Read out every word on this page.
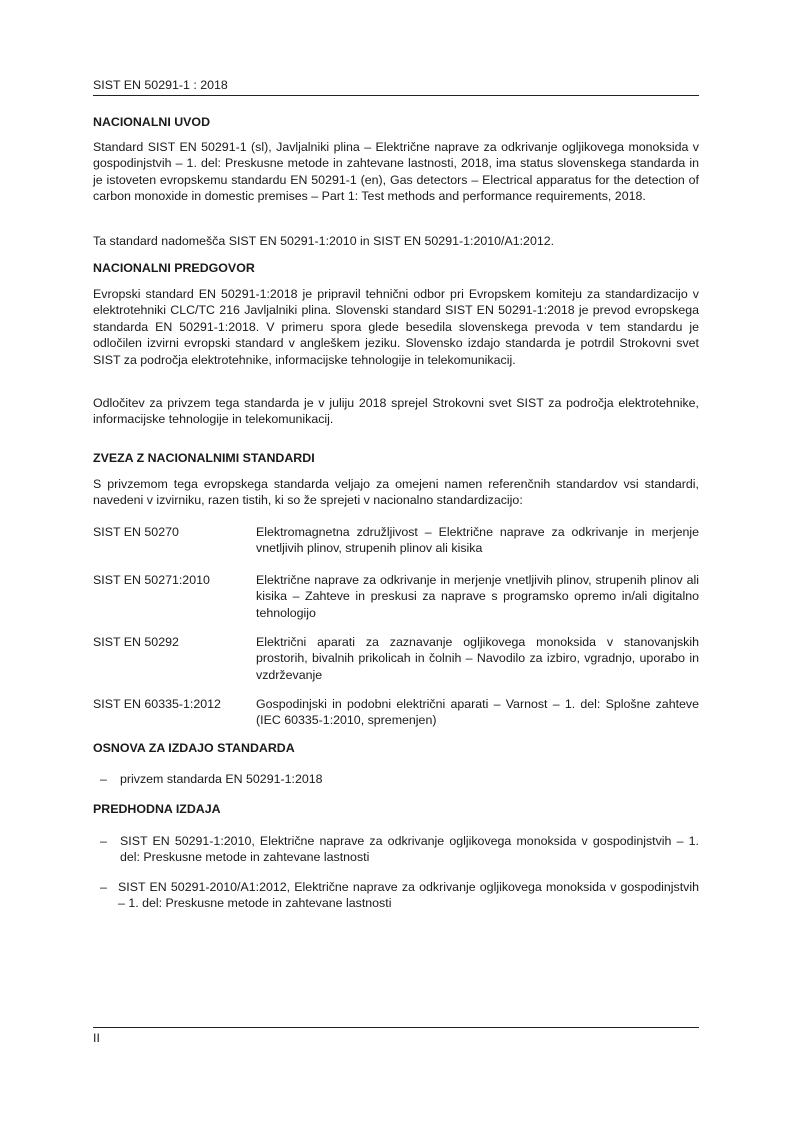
SIST EN 50291-1 : 2018
NACIONALNI UVOD

Standard SIST EN 50291-1 (sl), Javljalniki plina – Električne naprave za odkrivanje ogljikovega monoksida v gospodinjstvih – 1. del: Preskusne metode in zahtevane lastnosti, 2018, ima status slovenskega standarda in je istoveten evropskemu standardu EN 50291-1 (en), Gas detectors – Electrical apparatus for the detection of carbon monoxide in domestic premises – Part 1: Test methods and performance requirements, 2018.

Ta standard nadomešča SIST EN 50291-1:2010 in SIST EN 50291-1:2010/A1:2012.

NACIONALNI PREDGOVOR

Evropski standard EN 50291-1:2018 je pripravil tehnični odbor pri Evropskem komiteju za standardizacijo v elektrotehniki CLC/TC 216 Javljalniki plina. Slovenski standard SIST EN 50291-1:2018 je prevod evropskega standarda EN 50291-1:2018. V primeru spora glede besedila slovenskega prevoda v tem standardu je odločilen izvirni evropski standard v angleškem jeziku. Slovensko izdajo standarda je potrdil Strokovni svet SIST za področja elektrotehnike, informacijske tehnologije in telekomunikacij.

Odločitev za privzem tega standarda je v juliju 2018 sprejel Strokovni svet SIST za področja elektrotehnike, informacijske tehnologije in telekomunikacij.

ZVEZA Z NACIONALNIMI STANDARDI

S privzemom tega evropskega standarda veljajo za omejeni namen referenčnih standardov vsi standardi, navedeni v izvirniku, razen tistih, ki so že sprejeti v nacionalno standardizacijo:

SIST EN 50270	Elektromagnetna združljivost – Električne naprave za odkrivanje in merjenje vnetljivih plinov, strupenih plinov ali kisika
SIST EN 50271:2010	Električne naprave za odkrivanje in merjenje vnetljivih plinov, strupenih plinov ali kisika – Zahteve in preskusi za naprave s programsko opremo in/ali digitalno tehnologijo
SIST EN 50292	Električni aparati za zaznavanje ogljikovega monoksida v stanovanjskih prostorih, bivalnih prikolicah in čolnih – Navodilo za izbiro, vgradnjo, uporabo in vzdrževanje
SIST EN 60335-1:2012	Gospodinjski in podobni električni aparati – Varnost – 1. del: Splošne zahteve (IEC 60335-1:2010, spremenjen)
OSNOVA ZA IZDAJO STANDARDA
–	privzem standarda EN 50291-1:2018
PREDHODNA IZDAJA
–	SIST EN 50291-1:2010, Električne naprave za odkrivanje ogljikovega monoksida v gospodinjstvih – 1. del: Preskusne metode in zahtevane lastnosti
– SIST EN 50291-2010/A1:2012, Električne naprave za odkrivanje ogljikovega monoksida v gospodinjstvih – 1. del: Preskusne metode in zahtevane lastnosti
II
